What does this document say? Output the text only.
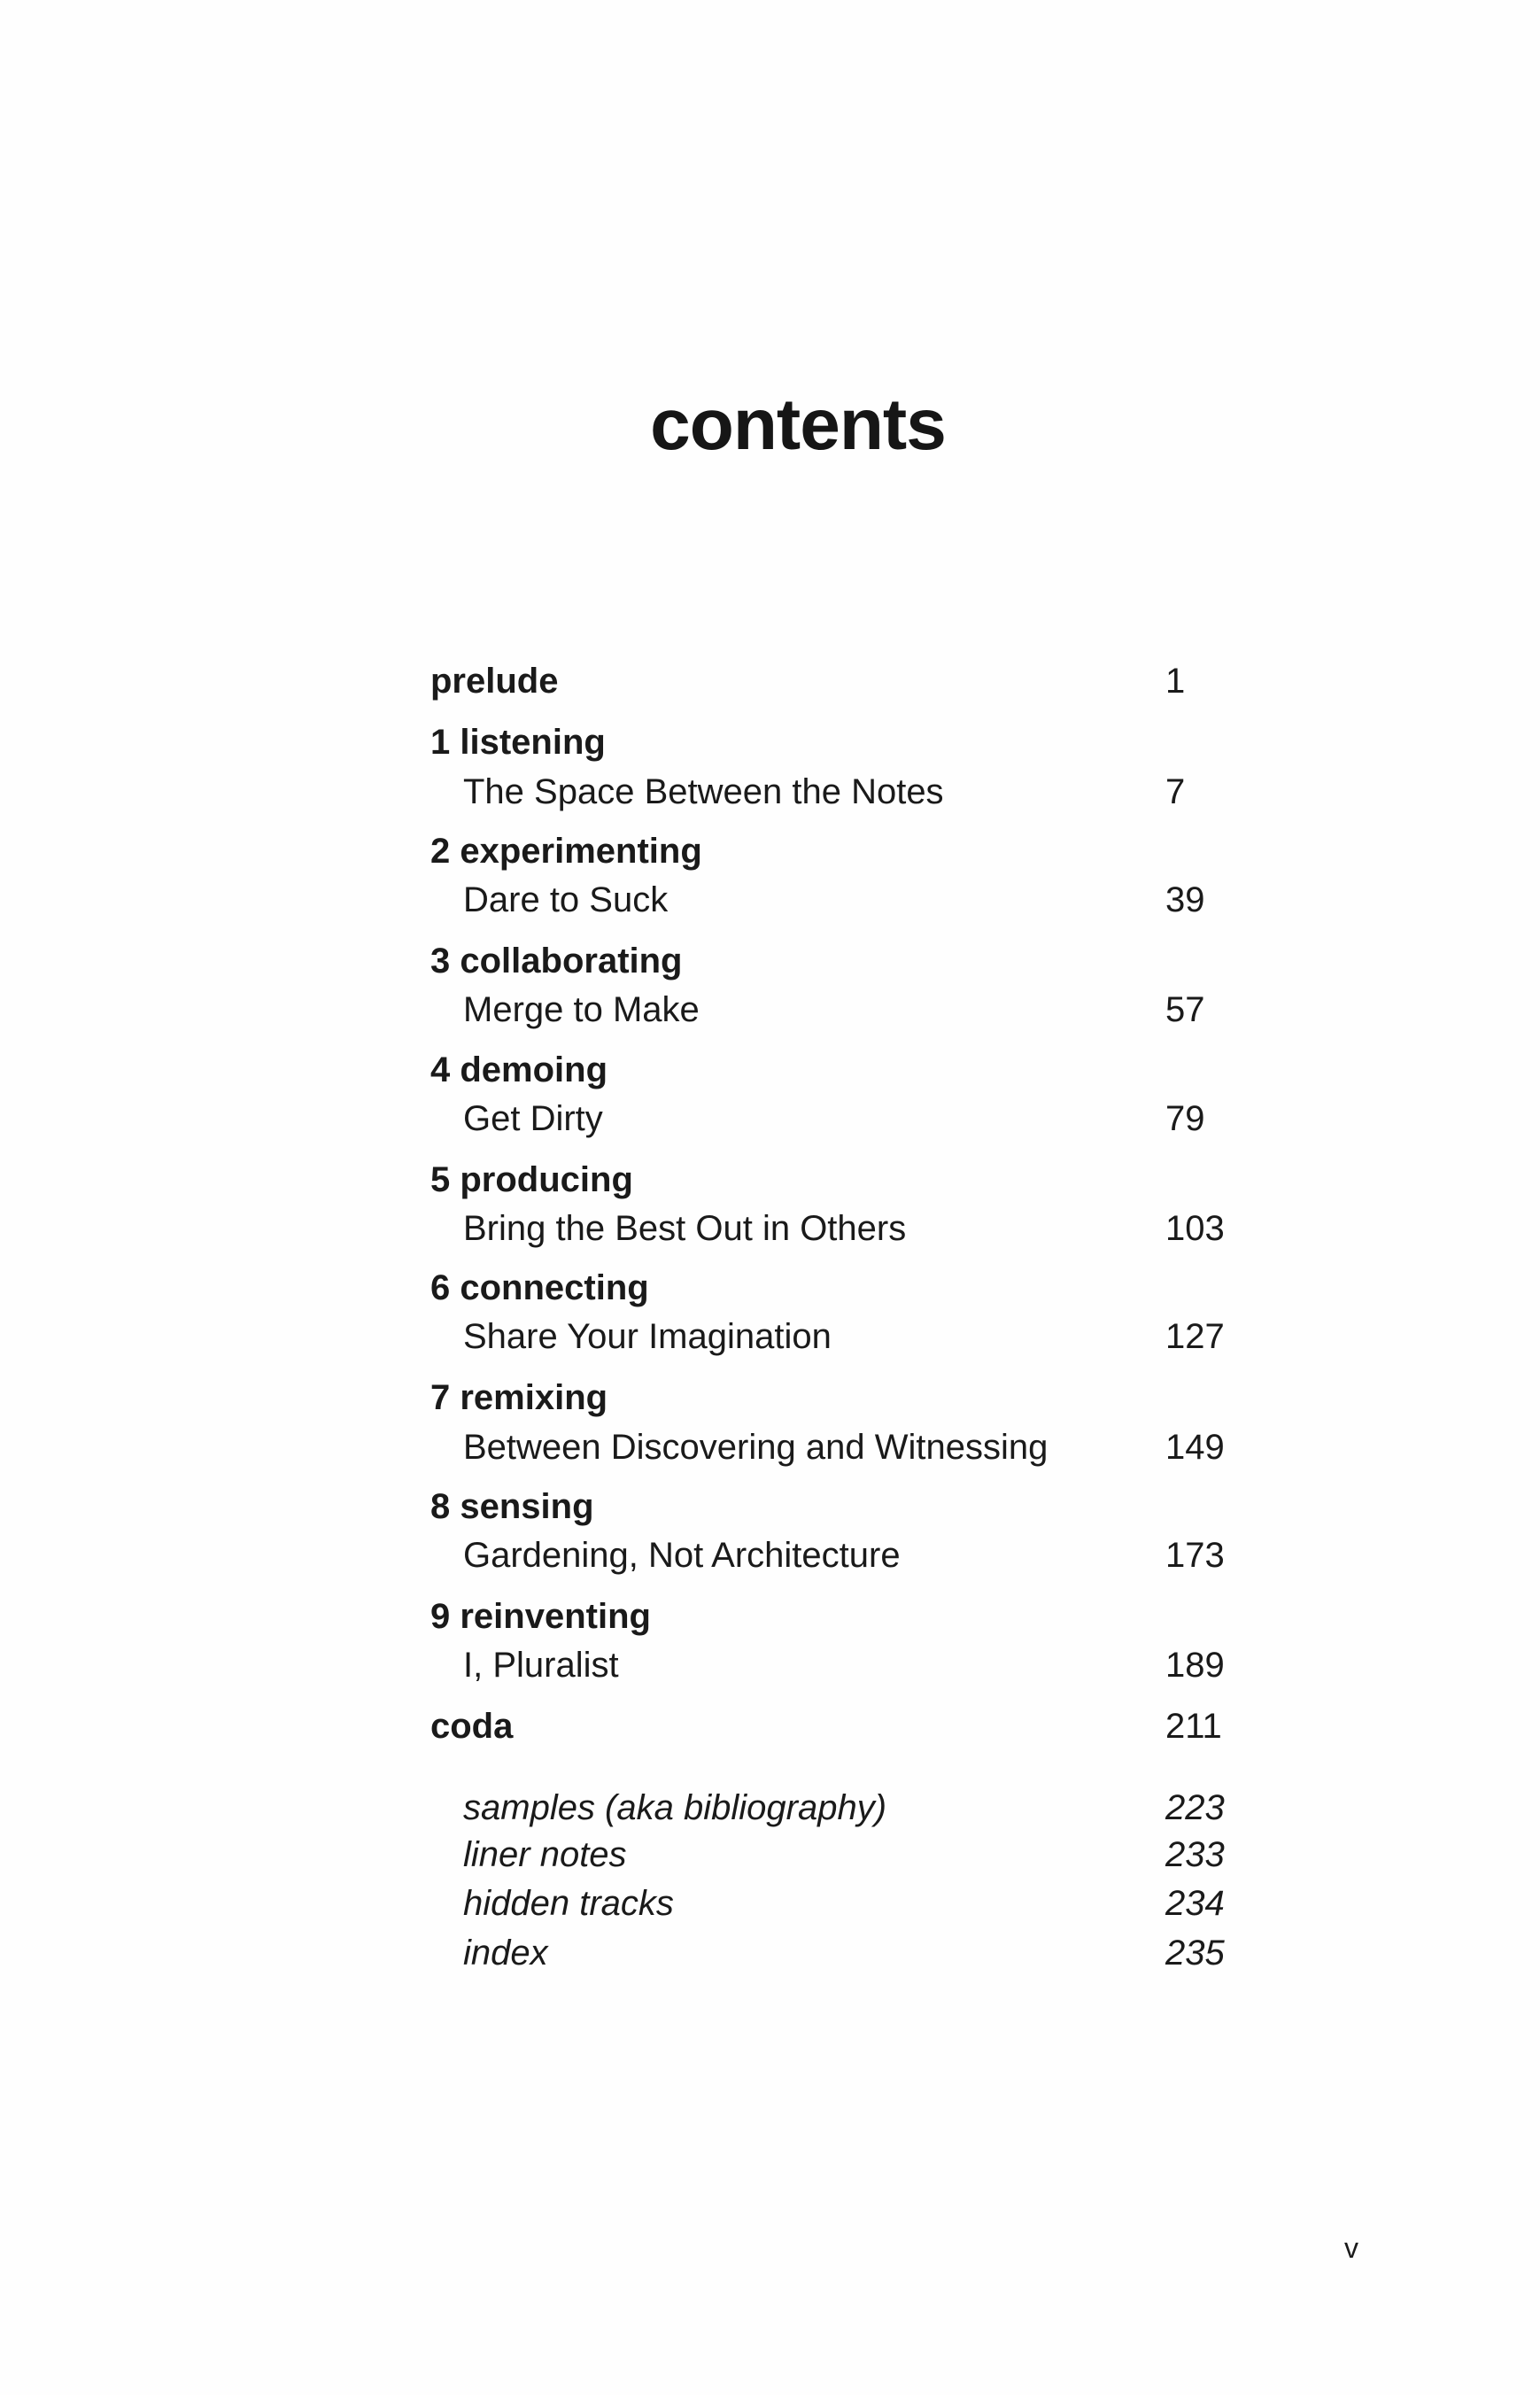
contents
prelude	1
1 listening
The Space Between the Notes	7
2 experimenting
Dare to Suck	39
3 collaborating
Merge to Make	57
4 demoing
Get Dirty	79
5 producing
Bring the Best Out in Others	103
6 connecting
Share Your Imagination	127
7 remixing
Between Discovering and Witnessing	149
8 sensing
Gardening, Not Architecture	173
9 reinventing
I, Pluralist	189
coda	211
samples (aka bibliography)	223
liner notes	233
hidden tracks	234
index	235
v
